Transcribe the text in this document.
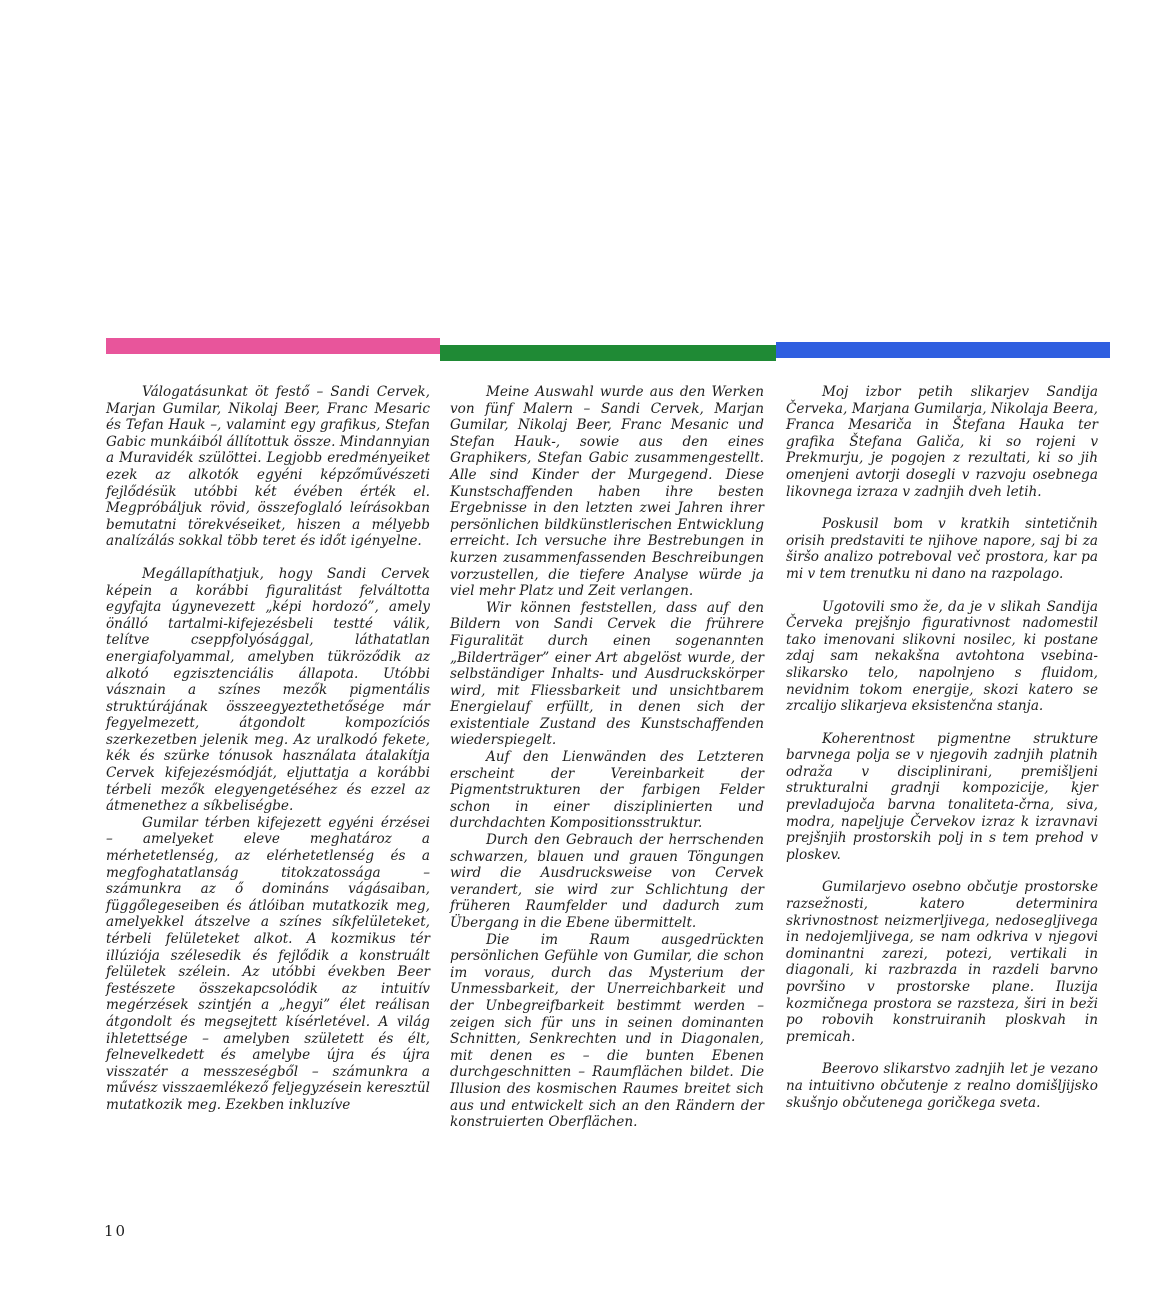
Válogatásunkat öt festő – Sandi Cervek, Marjan Gumilar, Nikolaj Beer, Franc Mesaric és Tefan Hauk –, valamint egy grafikus, Stefan Gabic munkáiból állítottuk össze. Mindannyian a Muravidék szülöttei. Legjobb eredményeiket ezek az alkotók egyéni képzőművészeti fejlődésük utóbbi két évében érték el. Megpróbáljuk rövid, összefoglaló leírásokban bemutatni törekvéseiket, hiszen a mélyebb analízálás sokkal több teret és időt igényelne.

Megállapíthatjuk, hogy Sandi Cervek képein a korábbi figuralitást felváltotta egyfajta úgynevezett „képi hordozó”, amely önálló tartalmi-kifejezésbeli testté válik, telítve cseppfolyósággal, láthatatlan energiafolyammal, amelyben tükröződik az alkotó egzisztenciális állapota. Utóbbi vásznain a színes mezők pigmentális struktúrájának összeegyeztethetősége már fegyelmezett, átgondolt kompozíciós szerkezetben jelenik meg. Az uralkodó fekete, kék és szürke tónusok használata átalakítja Cervek kifejezésmódját, eljuttatja a korábbi térbeli mezők elegyengetéséhez és ezzel az átmenethez a síkbeliségbe.

Gumilar térben kifejezett egyéni érzései – amelyeket eleve meghatároz a mérhetetlenség, az elérhetetlenség és a megfoghatatlanság titokzatossága – számunkra az ő domináns vágásaiban, függőlegeseiben és átlóiban mutatkozik meg, amelyekkel átszelve a színes síkfelületeket, térbeli felületeket alkot. A kozmikus tér illúziója szélesedik és fejlődik a konstruált felületek szélein. Az utóbbi években Beer festészete összekapcsolódik az intuitív megérzések szintjén a „hegyi” élet reálisan átgondolt és megsejtett kísérletével. A világ ihletettsége – amelyben született és élt, felnevelkedett és amelybe újra és újra visszatér a messzeségből – számunkra a művész visszaemlékező feljegyzésein keresztül mutatkozik meg. Ezekben inkluzíve

Meine Auswahl wurde aus den Werken von fünf Malern – Sandi Cervek, Marjan Gumilar, Nikolaj Beer, Franc Mesanic und Stefan Hauk-, sowie aus den eines Graphikers, Stefan Gabic zusammengestellt. Alle sind Kinder der Murgegend. Diese Kunstschaffenden haben ihre besten Ergebnisse in den letzten zwei Jahren ihrer persönlichen bildkünstlerischen Entwicklung erreicht. Ich versuche ihre Bestrebungen in kurzen zusammenfassenden Beschreibungen vorzustellen, die tiefere Analyse würde ja viel mehr Platz und Zeit verlangen.

Wir können feststellen, dass auf den Bildern von Sandi Cervek die frührere Figuralität durch einen sogenannten „Bilderträger” einer Art abgelöst wurde, der selbständiger Inhalts- und Ausdruckskörper wird, mit Fliessbarkeit und unsichtbarem Energielauf erfüllt, in denen sich der existentiale Zustand des Kunstschaffenden wiederspiegelt.

Auf den Lienwänden des Letzteren erscheint der Vereinbarkeit der Pigmentstrukturen der farbigen Felder schon in einer disziplinierten und durchdachten Kompositionsstruktur.

Durch den Gebrauch der herrschenden schwarzen, blauen und grauen Töngungen wird die Ausdrucksweise von Cervek verandert, sie wird zur Schlichtung der früheren Raumfelder und dadurch zum Übergang in die Ebene übermittelt.

Die im Raum ausgedrückten persönlichen Gefühle von Gumilar, die schon im voraus, durch das Mysterium der Unmessbarkeit, der Unerreichbarkeit und der Unbegreifbarkeit bestimmt werden – zeigen sich für uns in seinen dominanten Schnitten, Senkrechten und in Diagonalen, mit denen es – die bunten Ebenen durchgeschnitten – Raumflächen bildet. Die Illusion des kosmischen Raumes breitet sich aus und entwickelt sich an den Rändern der konstruierten Oberflächen.

Moj izbor petih slikarjev Sandija Červeka, Marjana Gumilarja, Nikolaja Beera, Franca Mesariča in Štefana Hauka ter grafika Štefana Galiča, ki so rojeni v Prekmurju, je pogojen z rezultati, ki so jih omenjeni avtorji dosegli v razvoju osebnega likovnega izraza v zadnjih dveh letih.

Poskusil bom v kratkih sintetičnih orisih predstaviti te njihove napore, saj bi za širšo analizo potreboval več prostora, kar pa mi v tem trenutku ni dano na razpolago.

Ugotovili smo že, da je v slikah Sandija Červeka prejšnjo figurativnost nadomestil tako imenovani slikovni nosilec, ki postane zdaj sam nekakšna avtohtona vsebina-slikarsko telo, napolnjeno s fluidom, nevidnim tokom energije, skozi katero se zrcalijo slikarjeva eksistenčna stanja.

Koherentnost pigmentne strukture barvnega polja se v njegovih zadnjih platnih odraža v disciplinirani, premišljeni strukturalni gradnji kompozicije, kjer prevladujoča barvna tonaliteta-črna, siva, modra, napeljuje Červekov izraz k izravnavi prejšnjih prostorskih polj in s tem prehod v ploskev.

Gumilarjevo osebno občutje prostorske razsežnosti, katero determinira skrivnostnost neizmerljivega, nedosegljivega in nedojemljivega, se nam odkriva v njegovi dominantni zarezi, potezi, vertikali in diagonali, ki razbrazda in razdeli barvno površino v prostorske plane. Iluzija kozmičnega prostora se razsteza, širi in beži po robovih konstruiranih ploskvah in premicah.

Beerovo slikarstvo zadnjih let je vezano na intuitivno občutenje z realno domišljijsko skušnjo občutenega goričkega sveta.

10
